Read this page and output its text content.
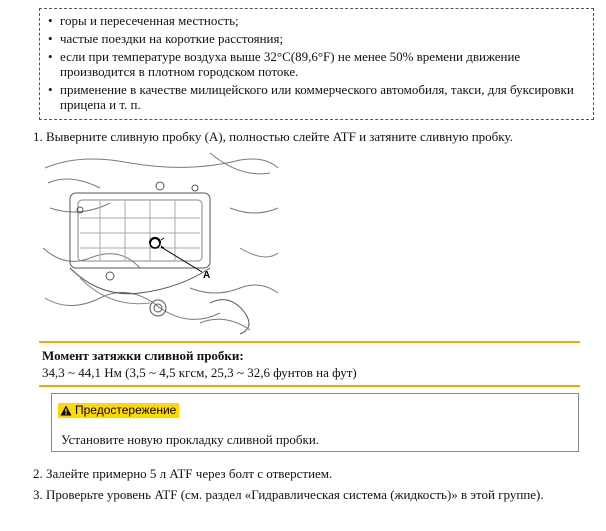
• горы и пересеченная местность;
• частые поездки на короткие расстояния;
• если при температуре воздуха выше 32°С(89,6°F) не менее 50% времени движение производится в плотном городском потоке.
• применение в качестве милицейского или коммерческого автомобиля, такси, для буксировки прицепа и т. п.
1. Выверните сливную пробку (А), полностью слейте ATF и затяните сливную пробку.
A
Момент затяжки сливной пробки:
34,3 ~ 44,1 Нм (3,5 ~ 4,5 кгсм, 25,3 ~ 32,6 фунтов на фут)
Предостережение
Установите новую прокладку сливной пробки.
2. Залейте примерно 5 л ATF через болт с отверстием.
3. Проверьте уровень ATF (см. раздел «Гидравлическая система (жидкость)» в этой группе).
